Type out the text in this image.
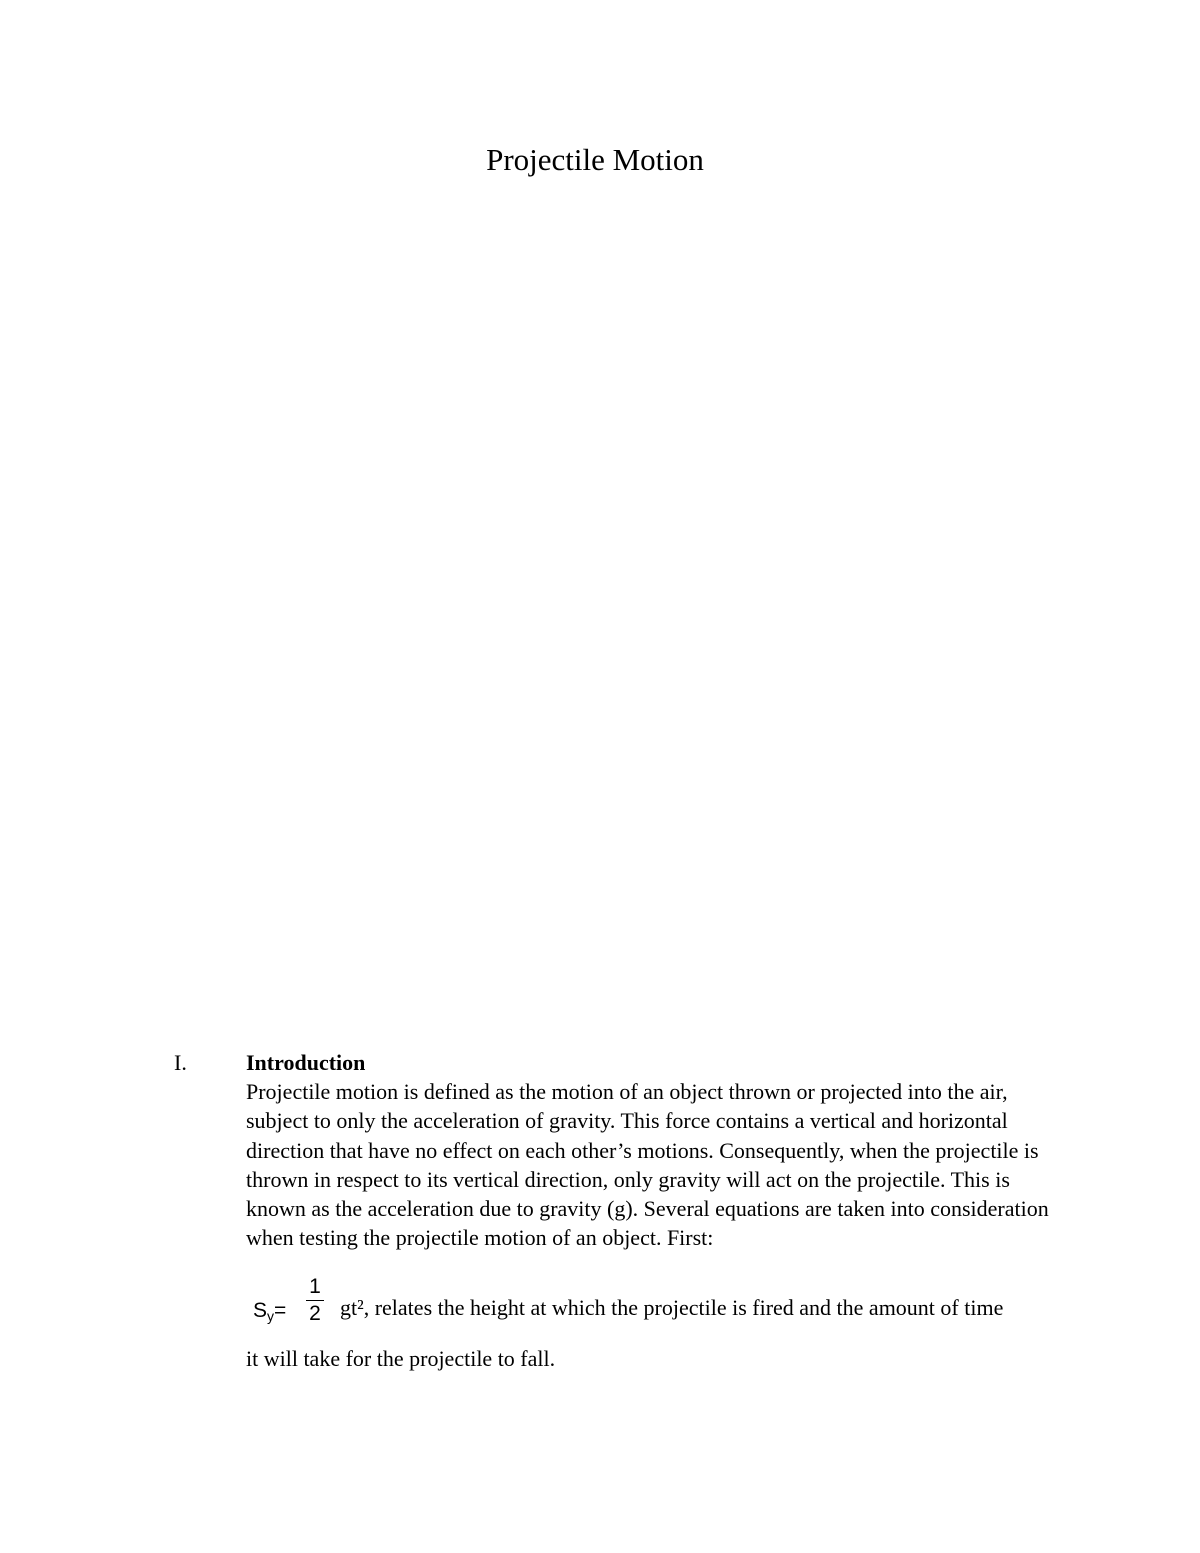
Projectile Motion
I.	Introduction

Projectile motion is defined as the motion of an object thrown or projected into the air, subject to only the acceleration of gravity. This force contains a vertical and horizontal direction that have no effect on each other’s motions. Consequently, when the projectile is thrown in respect to its vertical direction, only gravity will act on the projectile. This is known as the acceleration due to gravity (g). Several equations are taken into consideration when testing the projectile motion of an object. First:

Sy=
1
2 gt², relates the height at which the projectile is fired and the amount of time

it will take for the projectile to fall.
